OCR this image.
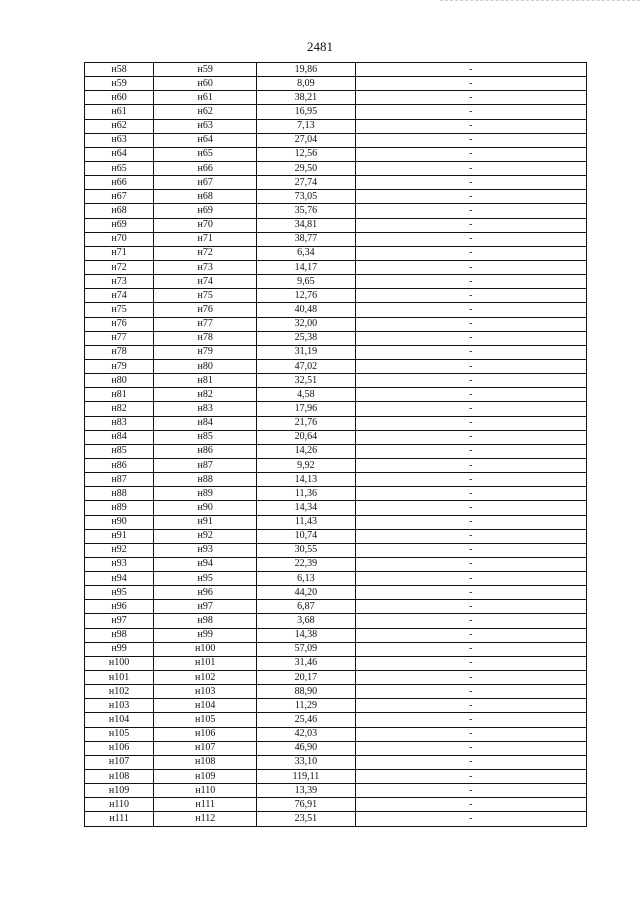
2481
н58	н59	19,86	-
н59	н60	8,09	-
н60	н61	38,21	-
н61	н62	16,95	-
н62	н63	7,13	-
н63	н64	27,04	-
н64	н65	12,56	-
н65	н66	29,50	-
н66	н67	27,74	-
н67	н68	73,05	-
н68	н69	35,76	-
н69	н70	34,81	-
н70	н71	38,77	-
н71	н72	6,34	-
н72	н73	14,17	-
н73	н74	9,65	-
н74	н75	12,76	-
н75	н76	40,48	-
н76	н77	32,00	-
н77	н78	25,38	-
н78	н79	31,19	-
н79	н80	47,02	-
н80	н81	32,51	-
н81	н82	4,58	-
н82	н83	17,96	-
н83	н84	21,76	-
н84	н85	20,64	-
н85	н86	14,26	-
н86	н87	9,92	-
н87	н88	14,13	-
н88	н89	11,36	-
н89	н90	14,34	-
н90	н91	11,43	-
н91	н92	10,74	-
н92	н93	30,55	-
н93	н94	22,39	-
н94	н95	6,13	-
н95	н96	44,20	-
н96	н97	6,87	-
н97	н98	3,68	-
н98	н99	14,38	-
н99	н100	57,09	-
н100	н101	31,46	-
н101	н102	20,17	-
н102	н103	88,90	-
н103	н104	11,29	-
н104	н105	25,46	-
н105	н106	42,03	-
н106	н107	46,90	-
н107	н108	33,10	-
н108	н109	119,11	-
н109	н110	13,39	-
н110	н111	76,91	-
н111	н112	23,51	-
